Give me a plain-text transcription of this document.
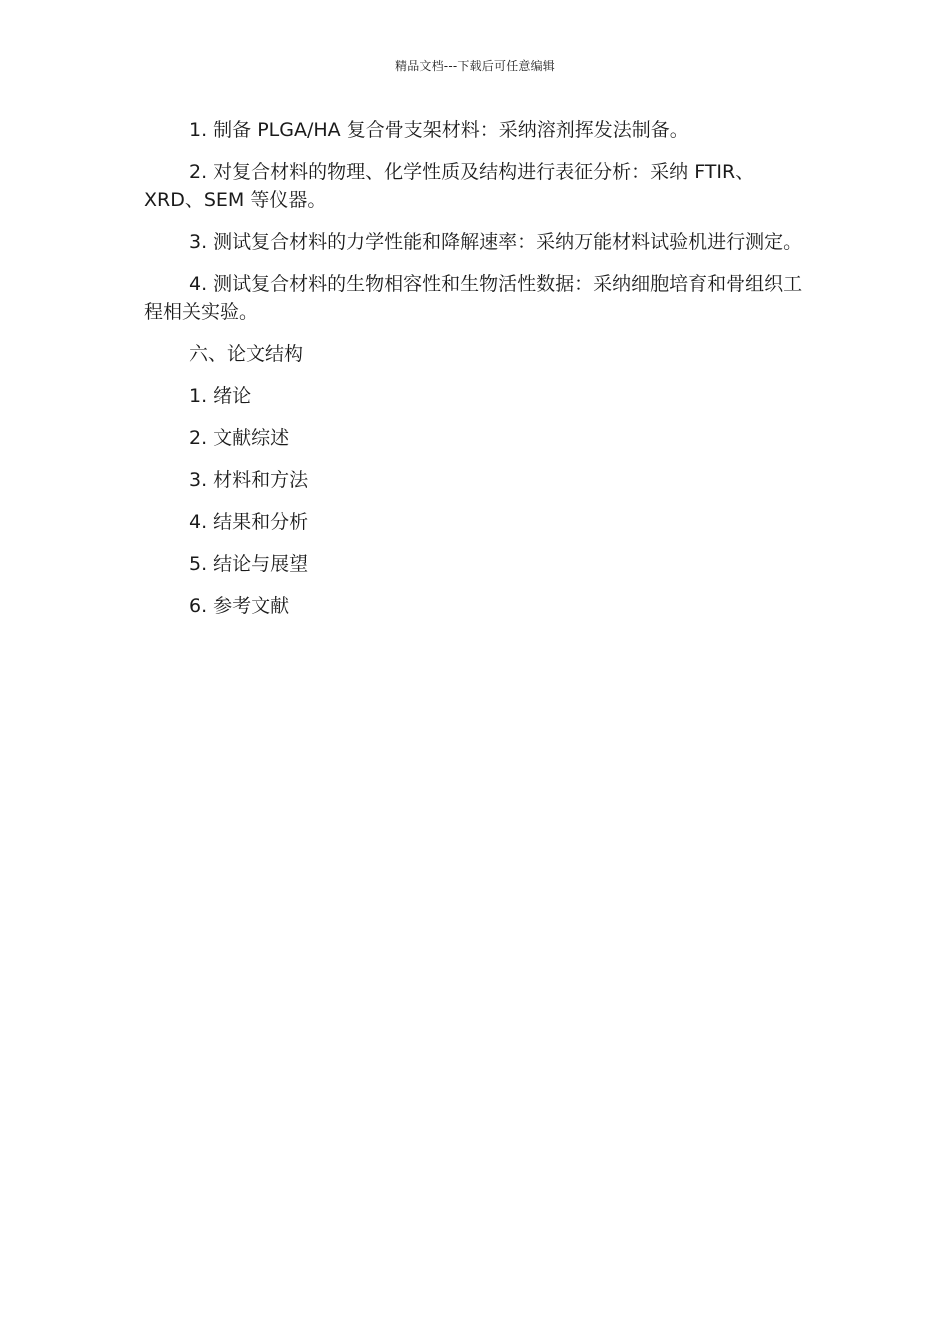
精品文档---下载后可任意编辑

1. 制备 PLGA/HA 复合骨支架材料：采纳溶剂挥发法制备。

2. 对复合材料的物理、化学性质及结构进行表征分析：采纳 FTIR、XRD、SEM 等仪器。

3. 测试复合材料的力学性能和降解速率：采纳万能材料试验机进行测定。

4. 测试复合材料的生物相容性和生物活性数据：采纳细胞培育和骨组织工程相关实验。

六、论文结构

1. 绪论

2. 文献综述

3. 材料和方法

4. 结果和分析

5. 结论与展望

6. 参考文献
